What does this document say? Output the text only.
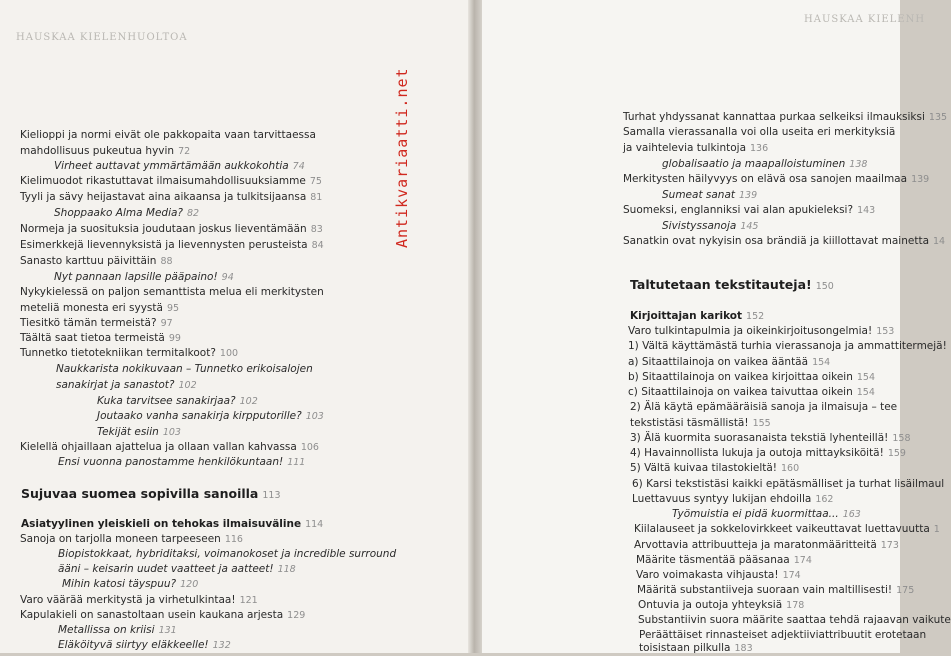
HAUSKAA KIELENHUOLTOA
Kielioppi ja normi eivät ole pakkopaita vaan tarvittaessa
mahdollisuus pukeutua hyvin 72
Virheet auttavat ymmärtämään aukkokohtia 74
Kielimuodot rikastuttavat ilmaisumahdollisuuksiamme 75
Tyyli ja sävy heijastavat aina aikaansa ja tulkitsijaansa 81
Shoppaako Alma Media? 82
Normeja ja suosituksia joudutaan joskus lieventämään 83
Esimerkkejä lievennyksistä ja lievennysten perusteista 84
Sanasto karttuu päivittäin 88
Nyt pannaan lapsille pääpaino! 94
Nykykielessä on paljon semanttista melua eli merkitysten
meteliä monesta eri syystä 95
Tiesitkö tämän termeistä? 97
Täältä saat tietoa termeistä 99
Tunnetko tietotekniikan termitalkoot? 100
Naukkarista nokikuvaan – Tunnetko erikoisalojen
sanakirjat ja sanastot? 102
Kuka tarvitsee sanakirjaa? 102
Joutaako vanha sanakirja kirpputorille? 103
Tekijät esiin 103
Kielellä ohjaillaan ajattelua ja ollaan vallan kahvassa 106
Ensi vuonna panostamme henkilökuntaan! 111
Sujuvaa suomea sopivilla sanoilla 113
Asiatyylinen yleiskieli on tehokas ilmaisuväline 114
Sanoja on tarjolla moneen tarpeeseen 116
Biopistokkaat, hybriditaksi, voimanokoset ja incredible surround
ääni – keisarin uudet vaatteet ja aatteet! 118
Mihin katosi täyspuu? 120
Varo väärää merkitystä ja virhetulkintaa! 121
Kapulakieli on sanastoltaan usein kaukana arjesta 129
Metallissa on kriisi 131
Eläköityvä siirtyy eläkkeelle! 132
Antikvariaatti.net
HAUSKAA KIELENH
Turhat yhdyssanat kannattaa purkaa selkeiksi ilmauksiksi 135
Samalla vierassanalla voi olla useita eri merkityksiä
ja vaihtelevia tulkintoja 136
globalisaatio ja maapalloistuminen 138
Merkitysten häilyvyys on elävä osa sanojen maailmaa 139
Sumeat sanat 139
Suomeksi, englanniksi vai alan apukieleksi? 143
Sivistyssanoja 145
Sanatkin ovat nykyisin osa brändiä ja kiillottavat mainetta 14
Taltutetaan tekstitauteja! 150
Kirjoittajan karikot 152
Varo tulkintapulmia ja oikeinkirjoitusongelmia! 153
1) Vältä käyttämästä turhia vierassanoja ja ammattitermejä!
a) Sitaattilainoja on vaikea ääntää 154
b) Sitaattilainoja on vaikea kirjoittaa oikein 154
c) Sitaattilainoja on vaikea taivuttaa oikein 154
2) Älä käytä epämääräisiä sanoja ja ilmaisuja – tee
tekstistäsi täsmällistä! 155
3) Älä kuormita suorasanaista tekstiä lyhenteillä! 158
4) Havainnollista lukuja ja outoja mittayksiköitä! 159
5) Vältä kuivaa tilastokieltä! 160
6) Karsi tekstistäsi kaikki epätäsmälliset ja turhat lisäilmaul
Luettavuus syntyy lukijan ehdoilla 162
Työmuistia ei pidä kuormittaa... 163
Kiilalauseet ja sokkelovirkkeet vaikeuttavat luettavuutta 1
Arvottavia attribuutteja ja maratonmääritteitä 173
Määrite täsmentää pääsanaa 174
Varo voimakasta vihjausta! 174
Määritä substantiiveja suoraan vain maltillisesti! 175
Ontuvia ja outoja yhteyksiä 178
Substantiivin suora määrite saattaa tehdä rajaavan vaikute
Peräättäiset rinnasteiset adjektiiviattribuutit erotetaan
toisistaan pilkulla 183
